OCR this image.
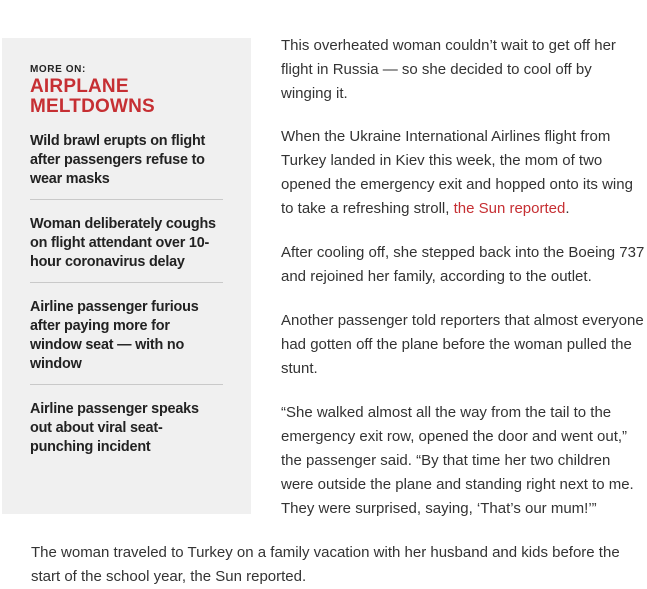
MORE ON:
AIRPLANE MELTDOWNS
Wild brawl erupts on flight after passengers refuse to wear masks
Woman deliberately coughs on flight attendant over 10-hour coronavirus delay
Airline passenger furious after paying more for window seat — with no window
Airline passenger speaks out about viral seat-punching incident

This overheated woman couldn’t wait to get off her flight in Russia — so she decided to cool off by winging it.

When the Ukraine International Airlines flight from Turkey landed in Kiev this week, the mom of two opened the emergency exit and hopped onto its wing to take a refreshing stroll, the Sun reported.

After cooling off, she stepped back into the Boeing 737 and rejoined her family, according to the outlet.

Another passenger told reporters that almost everyone had gotten off the plane before the woman pulled the stunt.

“She walked almost all the way from the tail to the emergency exit row, opened the door and went out,” the passenger said. “By that time her two children were outside the plane and standing right next to me. They were surprised, saying, ‘That’s our mum!’”

The woman traveled to Turkey on a family vacation with her husband and kids before the start of the school year, the Sun reported.
